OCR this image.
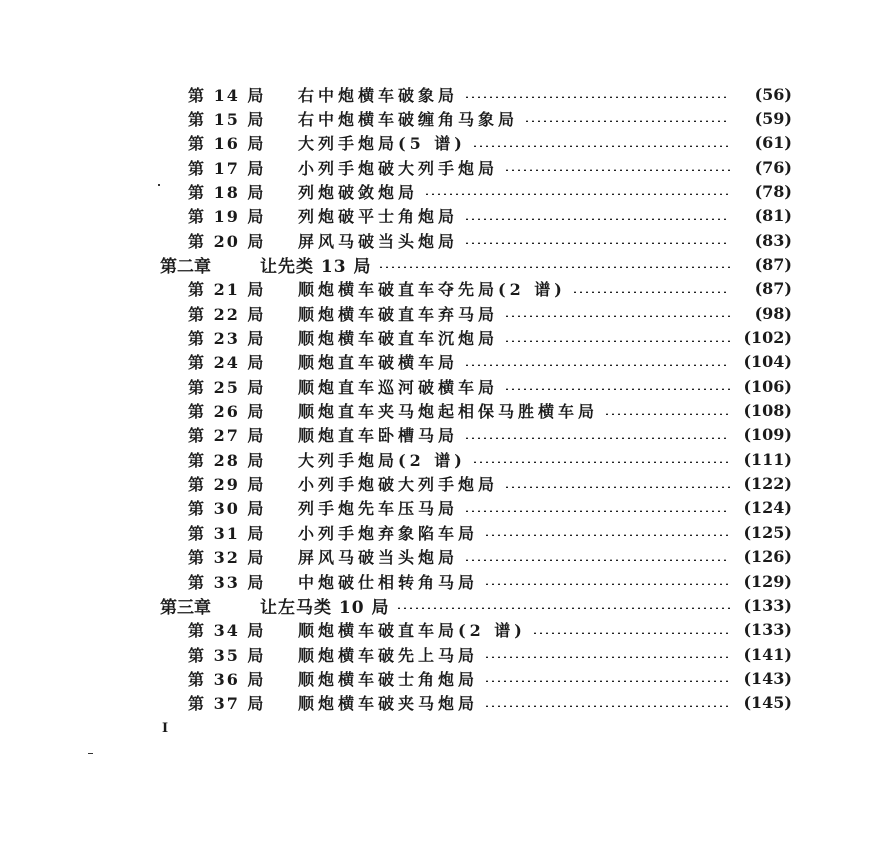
第 14 局	右中炮横车破象局	(56)
第 15 局	右中炮横车破缠角马象局	(59)
第 16 局	大列手炮局(5 谱)	(61)
第 17 局	小列手炮破大列手炮局	(76)
第 18 局	列炮破敛炮局	(78)
第 19 局	列炮破平士角炮局	(81)
第 20 局	屏风马破当头炮局	(83)
第二章	让先类 13 局	(87)
第 21 局	顺炮横车破直车夺先局(2 谱)	(87)
第 22 局	顺炮横车破直车弃马局	(98)
第 23 局	顺炮横车破直车沉炮局	(102)
第 24 局	顺炮直车破横车局	(104)
第 25 局	顺炮直车巡河破横车局	(106)
第 26 局	顺炮直车夹马炮起相保马胜横车局	(108)
第 27 局	顺炮直车卧槽马局	(109)
第 28 局	大列手炮局(2 谱)	(111)
第 29 局	小列手炮破大列手炮局	(122)
第 30 局	列手炮先车压马局	(124)
第 31 局	小列手炮弃象陷车局	(125)
第 32 局	屏风马破当头炮局	(126)
第 33 局	中炮破仕相转角马局	(129)
第三章	让左马类 10 局	(133)
第 34 局	顺炮横车破直车局(2 谱)	(133)
第 35 局	顺炮横车破先上马局	(141)
第 36 局	顺炮横车破士角炮局	(143)
第 37 局	顺炮横车破夹马炮局	(145)
I
